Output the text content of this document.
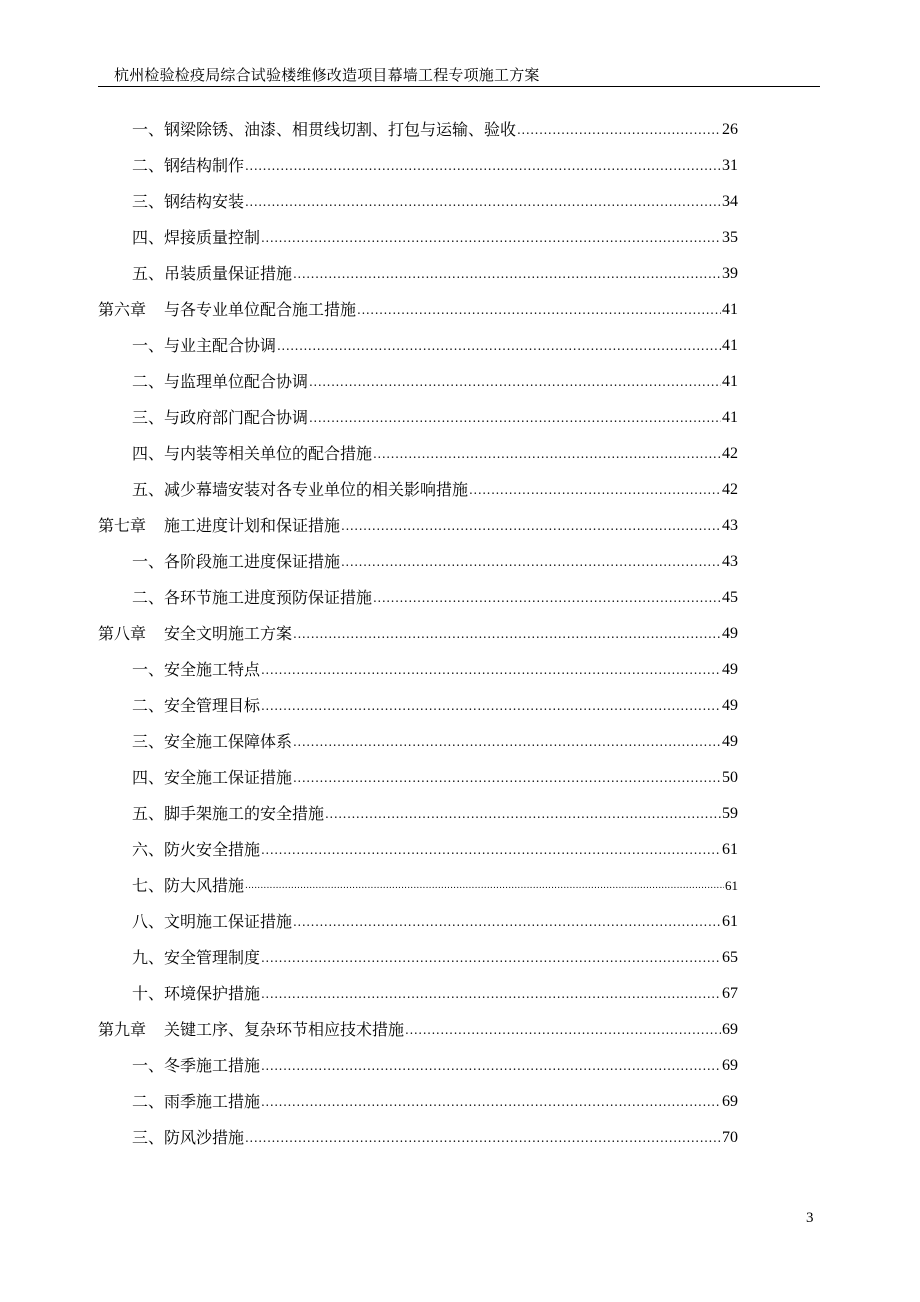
杭州检验检疫局综合试验楼维修改造项目幕墙工程专项施工方案
一、钢梁除锈、油漆、相贯线切割、打包与运输、验收 .....	26
二、钢结构制作 .....	31
三、钢结构安装 .....	34
四、焊接质量控制 .....	35
五、吊装质量保证措施 .....	39
第六章 与各专业单位配合施工措施 .....	41
一、与业主配合协调 .....	41
二、与监理单位配合协调 .....	41
三、与政府部门配合协调 .....	41
四、与内装等相关单位的配合措施 .....	42
五、减少幕墙安装对各专业单位的相关影响措施 .....	42
第七章 施工进度计划和保证措施 .....	43
一、各阶段施工进度保证措施 .....	43
二、各环节施工进度预防保证措施 .....	45
第八章 安全文明施工方案 .....	49
一、安全施工特点 .....	49
二、安全管理目标 .....	49
三、安全施工保障体系 .....	49
四、安全施工保证措施 .....	50
五、脚手架施工的安全措施 .....	59
六、防火安全措施 .....	61
七、防大风措施 .....	61
八、文明施工保证措施 .....	61
九、安全管理制度 .....	65
十、环境保护措施 .....	67
第九章 关键工序、复杂环节相应技术措施 .....	69
一、冬季施工措施 .....	69
二、雨季施工措施 .....	69
三、防风沙措施 .....	70
3
